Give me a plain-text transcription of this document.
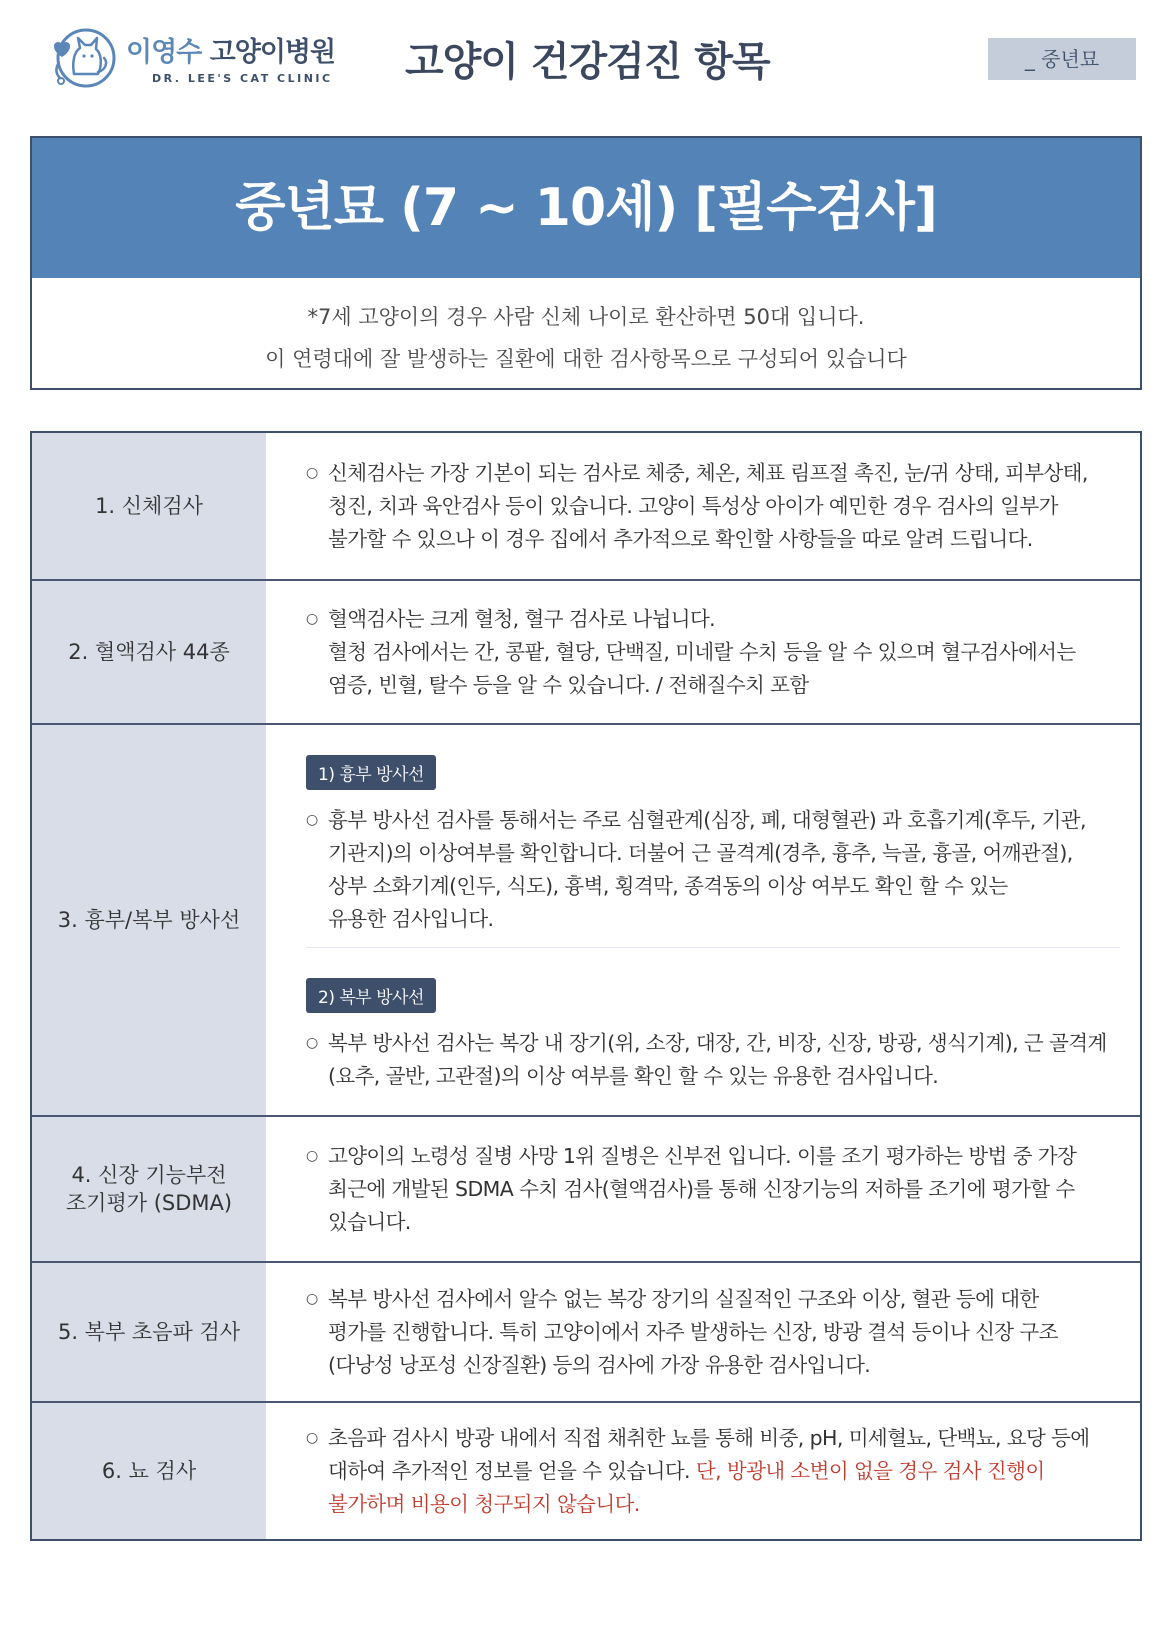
이영수 고양이병원
DR. LEE'S CAT CLINIC 고양이 건강검진 항목	_ 중년묘
중년묘 (7 ~ 10세) [필수검사]
*7세 고양이의 경우 사람 신체 나이로 환산하면 50대 입니다.
이 연령대에 잘 발생하는 질환에 대한 검사항목으로 구성되어 있습니다
1. 신체검사
○ 신체검사는 가장 기본이 되는 검사로 체중, 체온, 체표 림프절 촉진, 눈/귀 상태, 피부상태,
청진, 치과 육안검사 등이 있습니다. 고양이 특성상 아이가 예민한 경우 검사의 일부가
불가할 수 있으나 이 경우 집에서 추가적으로 확인할 사항들을 따로 알려 드립니다.
2. 혈액검사 44종
○ 혈액검사는 크게 혈청, 혈구 검사로 나뉩니다.
혈청 검사에서는 간, 콩팥, 혈당, 단백질, 미네랄 수치 등을 알 수 있으며 혈구검사에서는
염증, 빈혈, 탈수 등을 알 수 있습니다. / 전해질수치 포함
3. 흉부/복부 방사선
1) 흉부 방사선
○ 흉부 방사선 검사를 통해서는 주로 심혈관계(심장, 폐, 대형혈관) 과 호흡기계(후두, 기관,
기관지)의 이상여부를 확인합니다. 더불어 근 골격계(경추, 흉추, 늑골, 흉골, 어깨관절),
상부 소화기계(인두, 식도), 흉벽, 횡격막, 종격동의 이상 여부도 확인 할 수 있는
유용한 검사입니다.
2) 복부 방사선
○ 복부 방사선 검사는 복강 내 장기(위, 소장, 대장, 간, 비장, 신장, 방광, 생식기계), 근 골격계
(요추, 골반, 고관절)의 이상 여부를 확인 할 수 있는 유용한 검사입니다.
4. 신장 기능부전
조기평가 (SDMA)
○ 고양이의 노령성 질병 사망 1위 질병은 신부전 입니다. 이를 조기 평가하는 방법 중 가장
최근에 개발된 SDMA 수치 검사(혈액검사)를 통해 신장기능의 저하를 조기에 평가할 수
있습니다.
5. 복부 초음파 검사
○ 복부 방사선 검사에서 알수 없는 복강 장기의 실질적인 구조와 이상, 혈관 등에 대한
평가를 진행합니다. 특히 고양이에서 자주 발생하는 신장, 방광 결석 등이나 신장 구조
(다낭성 낭포성 신장질환) 등의 검사에 가장 유용한 검사입니다.
6. 뇨 검사
○ 초음파 검사시 방광 내에서 직접 채취한 뇨를 통해 비중, pH, 미세혈뇨, 단백뇨, 요당 등에
대하여 추가적인 정보를 얻을 수 있습니다. 단, 방광내 소변이 없을 경우 검사 진행이
불가하며 비용이 청구되지 않습니다.
